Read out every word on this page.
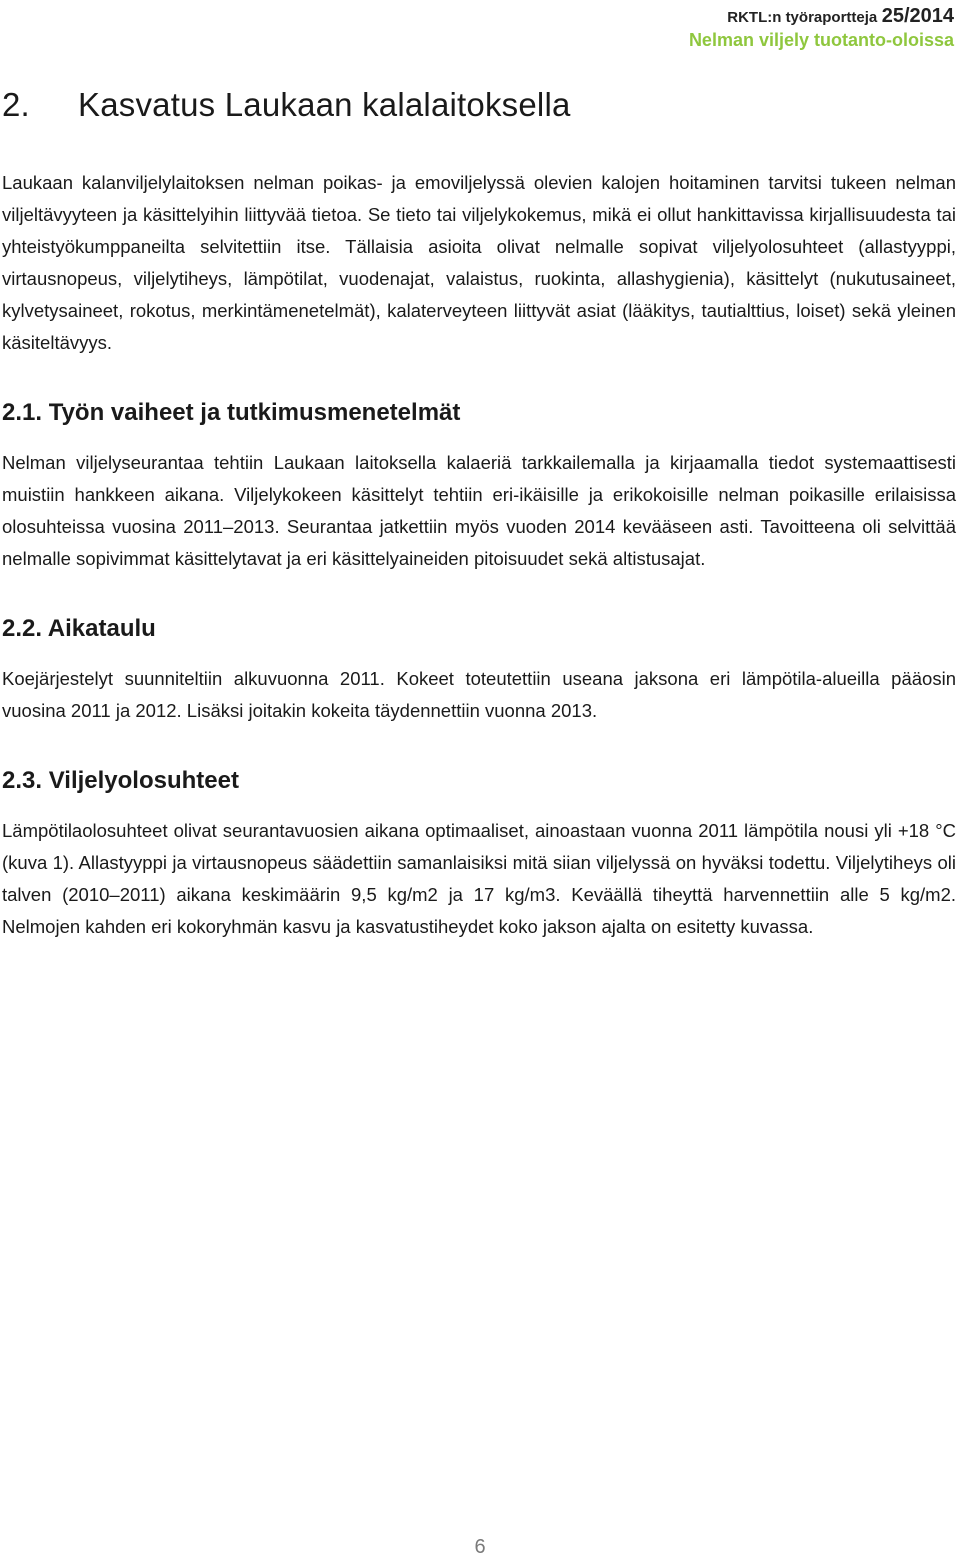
RKTL:n työraportteja 25/2014
Nelman viljely tuotanto-oloissa
2. Kasvatus Laukaan kalalaitoksella

Laukaan kalanviljelylaitoksen nelman poikas- ja emoviljelyssä olevien kalojen hoitaminen tarvitsi tukeen nelman viljeltävyyteen ja käsittelyihin liittyvää tietoa. Se tieto tai viljelykokemus, mikä ei ollut hankittavissa kirjallisuudesta tai yhteistyökumppaneilta selvitettiin itse. Tällaisia asioita olivat nelmalle sopivat viljelyolosuhteet (allastyyppi, virtausnopeus, viljelytiheys, lämpötilat, vuodenajat, valaistus, ruokinta, allashygienia), käsittelyt (nukutusaineet, kylvetysaineet, rokotus, merkintämenetelmät), kalaterveyteen liittyvät asiat (lääkitys, tautialttius, loiset) sekä yleinen käsiteltävyys.

2.1. Työn vaiheet ja tutkimusmenetelmät

Nelman viljelyseurantaa tehtiin Laukaan laitoksella kalaeriä tarkkailemalla ja kirjaamalla tiedot systemaattisesti muistiin hankkeen aikana. Viljelykokeen käsittelyt tehtiin eri-ikäisille ja erikokoisille nelman poikasille erilaisissa olosuhteissa vuosina 2011–2013. Seurantaa jatkettiin myös vuoden 2014 kevääseen asti. Tavoitteena oli selvittää nelmalle sopivimmat käsittelytavat ja eri käsittelyaineiden pitoisuudet sekä altistusajat.

2.2. Aikataulu

Koejärjestelyt suunniteltiin alkuvuonna 2011. Kokeet toteutettiin useana jaksona eri lämpötila-alueilla pääosin vuosina 2011 ja 2012. Lisäksi joitakin kokeita täydennettiin vuonna 2013.

2.3. Viljelyolosuhteet

Lämpötilaolosuhteet olivat seurantavuosien aikana optimaaliset, ainoastaan vuonna 2011 lämpötila nousi yli +18 °C (kuva 1). Allastyyppi ja virtausnopeus säädettiin samanlaisiksi mitä siian viljelyssä on hyväksi todettu. Viljelytiheys oli talven (2010–2011) aikana keskimäärin 9,5 kg/m2 ja 17 kg/m3. Keväällä tiheyttä harvennettiin alle 5 kg/m2. Nelmojen kahden eri kokoryhmän kasvu ja kasvatustiheydet koko jakson ajalta on esitetty kuvassa.

6
